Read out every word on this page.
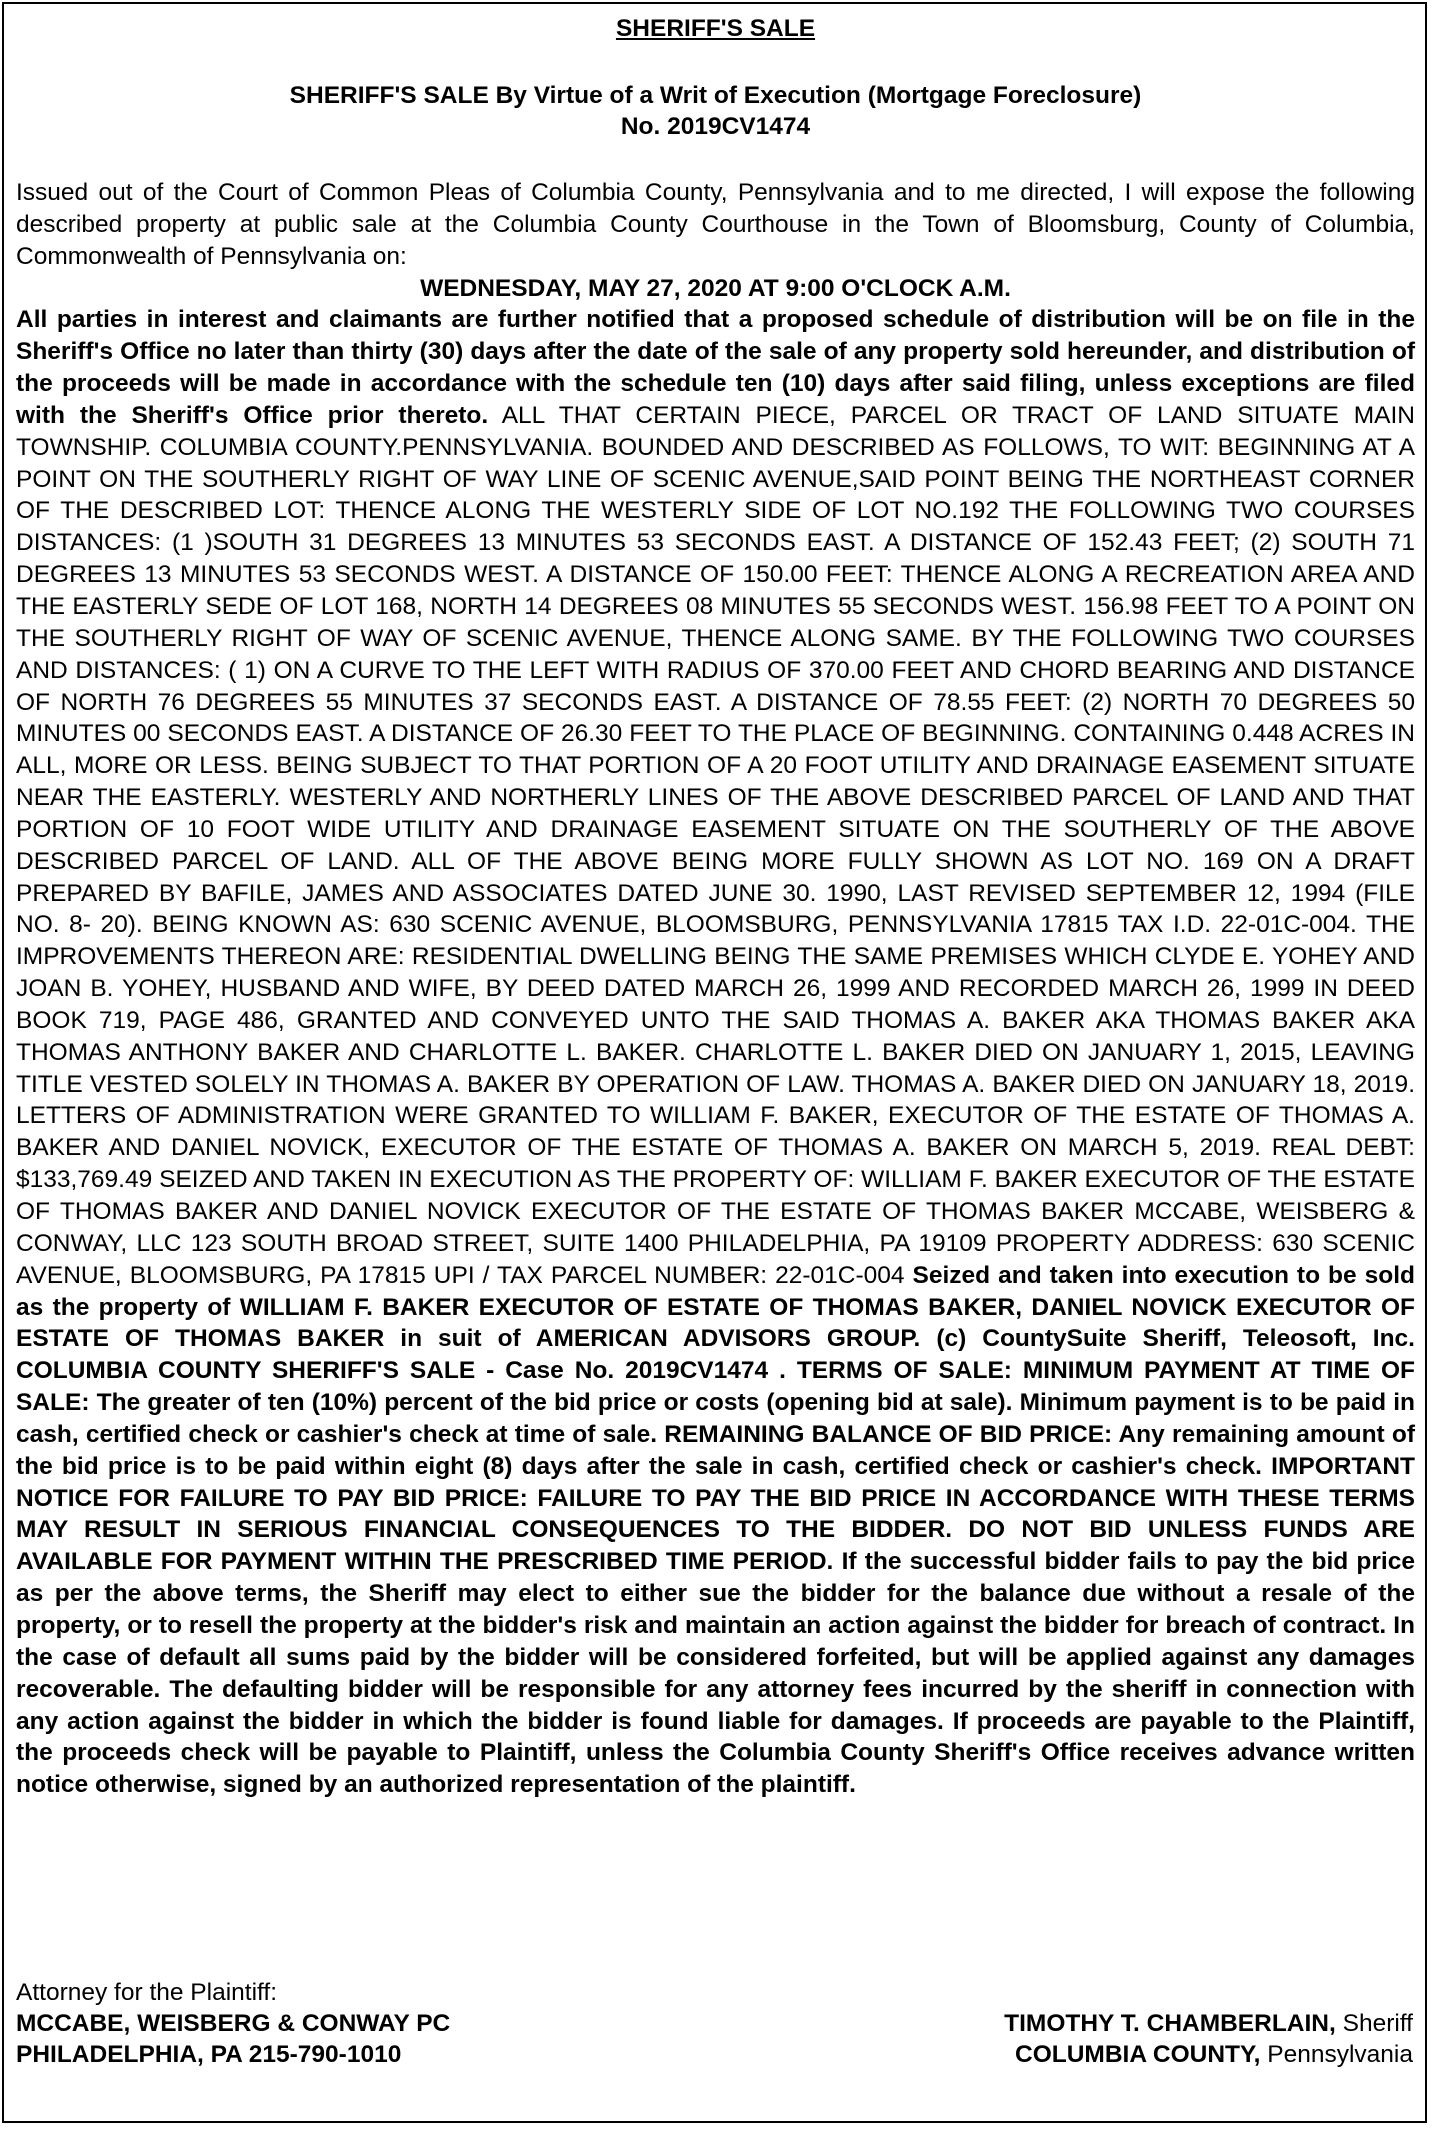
SHERIFF'S SALE

SHERIFF'S SALE By Virtue of a Writ of Execution (Mortgage Foreclosure)
No. 2019CV1474

Issued out of the Court of Common Pleas of Columbia County, Pennsylvania and to me directed, I will expose the following described property at public sale at the Columbia County Courthouse in the Town of Bloomsburg, County of Columbia, Commonwealth of Pennsylvania on:
WEDNESDAY, MAY 27, 2020 AT 9:00 O'CLOCK A.M.
All parties in interest and claimants are further notified that a proposed schedule of distribution will be on file in the Sheriff's Office no later than thirty (30) days after the date of the sale of any property sold hereunder, and distribution of the proceeds will be made in accordance with the schedule ten (10) days after said filing, unless exceptions are filed with the Sheriff's Office prior thereto. ALL THAT CERTAIN PIECE, PARCEL OR TRACT OF LAND SITUATE MAIN TOWNSHIP. COLUMBIA COUNTY.PENNSYLVANIA. BOUNDED AND DESCRIBED AS FOLLOWS, TO WIT: BEGINNING AT A POINT ON THE SOUTHERLY RIGHT OF WAY LINE OF SCENIC AVENUE,SAID POINT BEING THE NORTHEAST CORNER OF THE DESCRIBED LOT: THENCE ALONG THE WESTERLY SIDE OF LOT NO.192 THE FOLLOWING TWO COURSES DISTANCES: (1 )SOUTH 31 DEGREES 13 MINUTES 53 SECONDS EAST. A DISTANCE OF 152.43 FEET; (2) SOUTH 71 DEGREES 13 MINUTES 53 SECONDS WEST. A DISTANCE OF 150.00 FEET: THENCE ALONG A RECREATION AREA AND THE EASTERLY SEDE OF LOT 168, NORTH 14 DEGREES 08 MINUTES 55 SECONDS WEST. 156.98 FEET TO A POINT ON THE SOUTHERLY RIGHT OF WAY OF SCENIC AVENUE, THENCE ALONG SAME. BY THE FOLLOWING TWO COURSES AND DISTANCES: ( 1) ON A CURVE TO THE LEFT WITH RADIUS OF 370.00 FEET AND CHORD BEARING AND DISTANCE OF NORTH 76 DEGREES 55 MINUTES 37 SECONDS EAST. A DISTANCE OF 78.55 FEET: (2) NORTH 70 DEGREES 50 MINUTES 00 SECONDS EAST. A DISTANCE OF 26.30 FEET TO THE PLACE OF BEGINNING. CONTAINING 0.448 ACRES IN ALL, MORE OR LESS. BEING SUBJECT TO THAT PORTION OF A 20 FOOT UTILITY AND DRAINAGE EASEMENT SITUATE NEAR THE EASTERLY. WESTERLY AND NORTHERLY LINES OF THE ABOVE DESCRIBED PARCEL OF LAND AND THAT PORTION OF 10 FOOT WIDE UTILITY AND DRAINAGE EASEMENT SITUATE ON THE SOUTHERLY OF THE ABOVE DESCRIBED PARCEL OF LAND. ALL OF THE ABOVE BEING MORE FULLY SHOWN AS LOT NO. 169 ON A DRAFT PREPARED BY BAFILE, JAMES AND ASSOCIATES DATED JUNE 30. 1990, LAST REVISED SEPTEMBER 12, 1994 (FILE NO. 8- 20). BEING KNOWN AS: 630 SCENIC AVENUE, BLOOMSBURG, PENNSYLVANIA 17815 TAX I.D. 22-01C-004. THE IMPROVEMENTS THEREON ARE: RESIDENTIAL DWELLING BEING THE SAME PREMISES WHICH CLYDE E. YOHEY AND JOAN B. YOHEY, HUSBAND AND WIFE, BY DEED DATED MARCH 26, 1999 AND RECORDED MARCH 26, 1999 IN DEED BOOK 719, PAGE 486, GRANTED AND CONVEYED UNTO THE SAID THOMAS A. BAKER AKA THOMAS BAKER AKA THOMAS ANTHONY BAKER AND CHARLOTTE L. BAKER. CHARLOTTE L. BAKER DIED ON JANUARY 1, 2015, LEAVING TITLE VESTED SOLELY IN THOMAS A. BAKER BY OPERATION OF LAW. THOMAS A. BAKER DIED ON JANUARY 18, 2019. LETTERS OF ADMINISTRATION WERE GRANTED TO WILLIAM F. BAKER, EXECUTOR OF THE ESTATE OF THOMAS A. BAKER AND DANIEL NOVICK, EXECUTOR OF THE ESTATE OF THOMAS A. BAKER ON MARCH 5, 2019. REAL DEBT: $133,769.49 SEIZED AND TAKEN IN EXECUTION AS THE PROPERTY OF: WILLIAM F. BAKER EXECUTOR OF THE ESTATE OF THOMAS BAKER AND DANIEL NOVICK EXECUTOR OF THE ESTATE OF THOMAS BAKER MCCABE, WEISBERG & CONWAY, LLC 123 SOUTH BROAD STREET, SUITE 1400 PHILADELPHIA, PA 19109 PROPERTY ADDRESS: 630 SCENIC AVENUE, BLOOMSBURG, PA 17815 UPI / TAX PARCEL NUMBER: 22-01C-004 Seized and taken into execution to be sold as the property of WILLIAM F. BAKER EXECUTOR OF ESTATE OF THOMAS BAKER, DANIEL NOVICK EXECUTOR OF ESTATE OF THOMAS BAKER in suit of AMERICAN ADVISORS GROUP. (c) CountySuite Sheriff, Teleosoft, Inc. COLUMBIA COUNTY SHERIFF'S SALE - Case No. 2019CV1474 . TERMS OF SALE: MINIMUM PAYMENT AT TIME OF SALE: The greater of ten (10%) percent of the bid price or costs (opening bid at sale). Minimum payment is to be paid in cash, certified check or cashier's check at time of sale. REMAINING BALANCE OF BID PRICE: Any remaining amount of the bid price is to be paid within eight (8) days after the sale in cash, certified check or cashier's check. IMPORTANT NOTICE FOR FAILURE TO PAY BID PRICE: FAILURE TO PAY THE BID PRICE IN ACCORDANCE WITH THESE TERMS MAY RESULT IN SERIOUS FINANCIAL CONSEQUENCES TO THE BIDDER. DO NOT BID UNLESS FUNDS ARE AVAILABLE FOR PAYMENT WITHIN THE PRESCRIBED TIME PERIOD. If the successful bidder fails to pay the bid price as per the above terms, the Sheriff may elect to either sue the bidder for the balance due without a resale of the property, or to resell the property at the bidder's risk and maintain an action against the bidder for breach of contract. In the case of default all sums paid by the bidder will be considered forfeited, but will be applied against any damages recoverable. The defaulting bidder will be responsible for any attorney fees incurred by the sheriff in connection with any action against the bidder in which the bidder is found liable for damages. If proceeds are payable to the Plaintiff, the proceeds check will be payable to Plaintiff, unless the Columbia County Sheriff's Office receives advance written notice otherwise, signed by an authorized representation of the plaintiff.
Attorney for the Plaintiff:
MCCABE, WEISBERG & CONWAY PC
PHILADELPHIA, PA 215-790-1010

TIMOTHY T. CHAMBERLAIN, Sheriff
COLUMBIA COUNTY, Pennsylvania
